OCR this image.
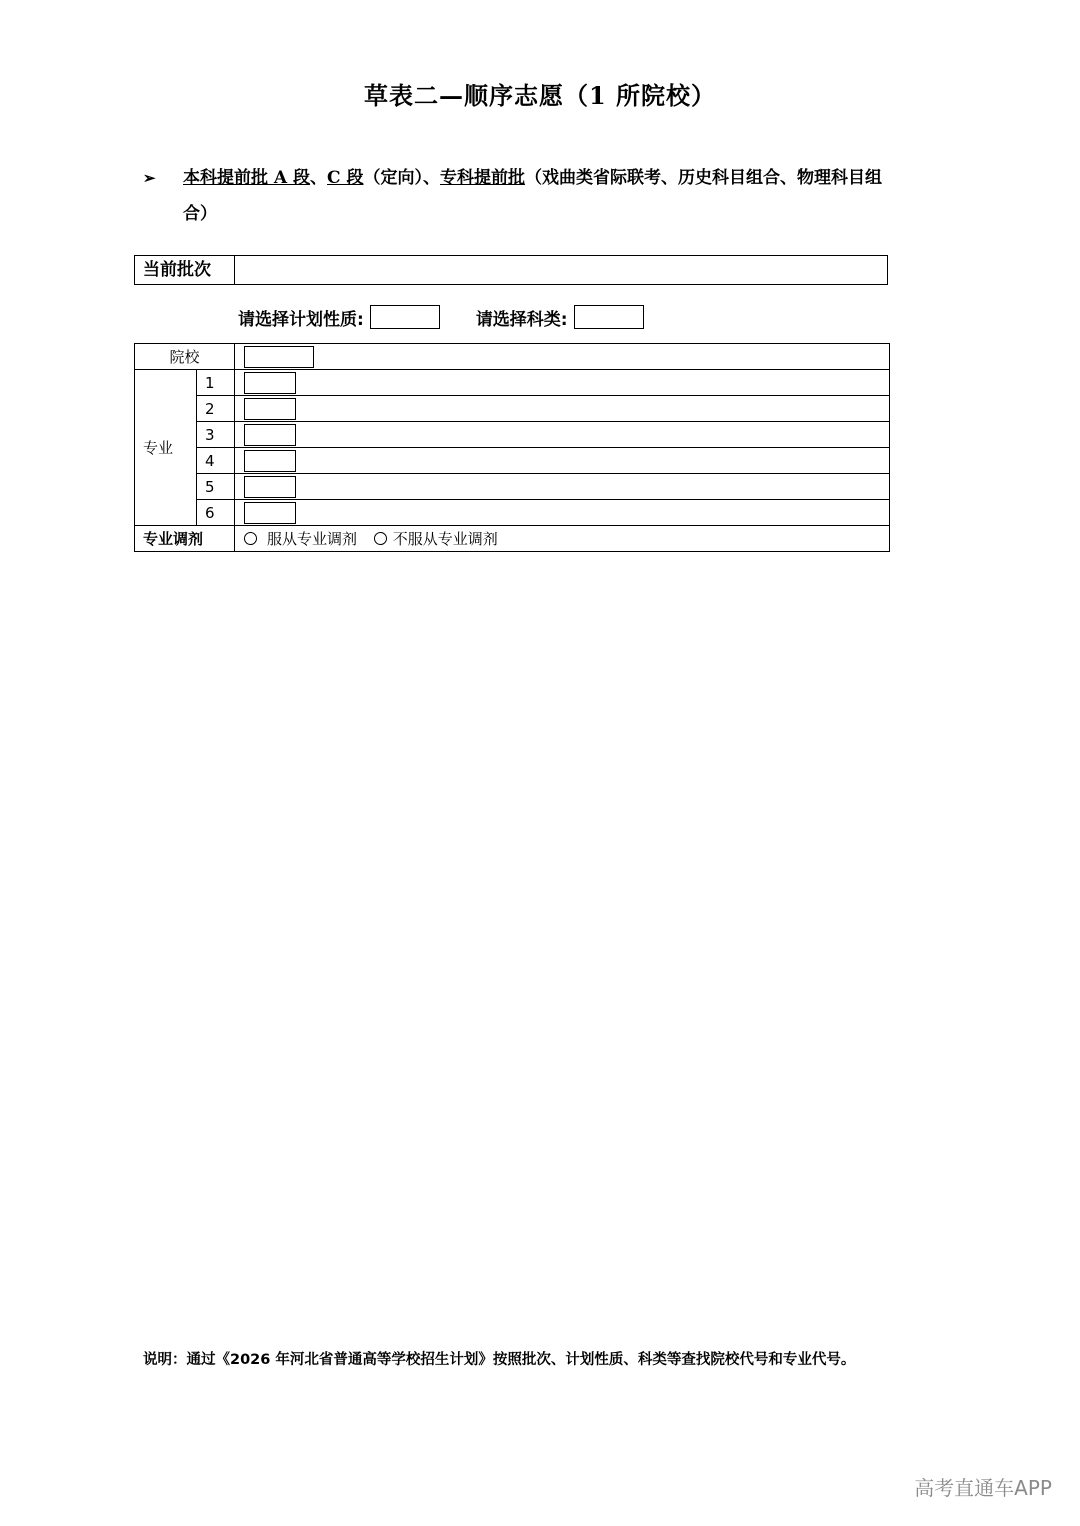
草表二—顺序志愿（1 所院校）
➢ 本科提前批 A 段、C 段（定向）、专科提前批（戏曲类省际联考、历史科目组合、物理科目组
合）
当前批次
请选择计划性质:	请选择科类:
院校		
专业	1	
	2	
	3	
	4	
	5	
	6	
专业调剂		服从专业调剂
不服从专业调剂
说明：通过《2026 年河北省普通高等学校招生计划》按照批次、计划性质、科类等查找院校代号和专业代号。
高考直通车APP
